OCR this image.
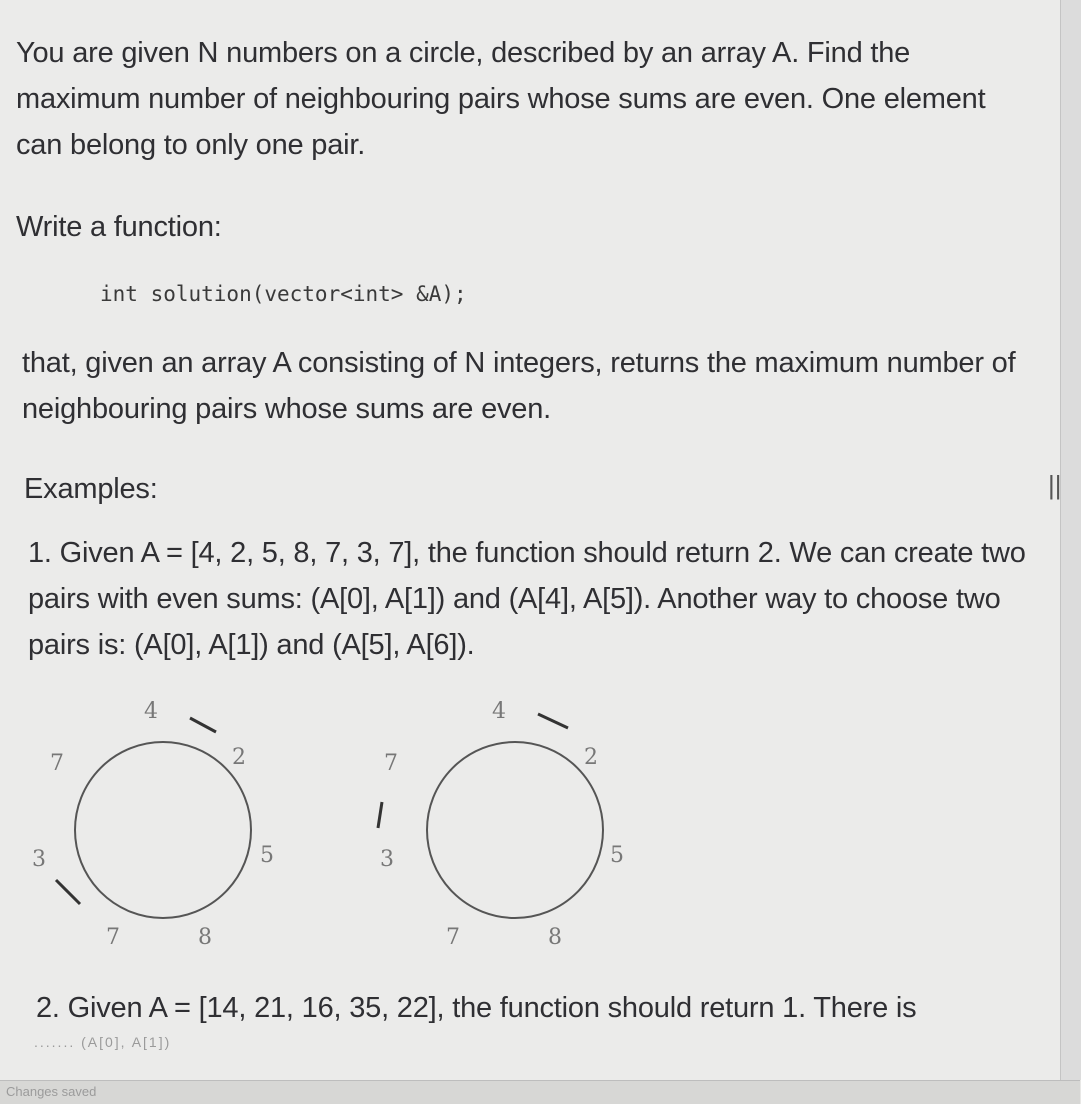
You are given N numbers on a circle, described by an array A. Find the maximum number of neighbouring pairs whose sums are even. One element can belong to only one pair.
Write a function:
int solution(vector<int> &A);
that, given an array A consisting of N integers, returns the maximum number of neighbouring pairs whose sums are even.
Examples:
1. Given A = [4, 2, 5, 8, 7, 3, 7], the function should return 2. We can create two pairs with even sums: (A[0], A[1]) and (A[4], A[5]). Another way to choose two pairs is: (A[0], A[1]) and (A[5], A[6]).
4
2
5
8
7
3
7
4
2
5
8
7
3
7
2. Given A = [14, 21, 16, 35, 22], the function should return 1. There is
....... (A[0], A[1])
||
Changes saved
